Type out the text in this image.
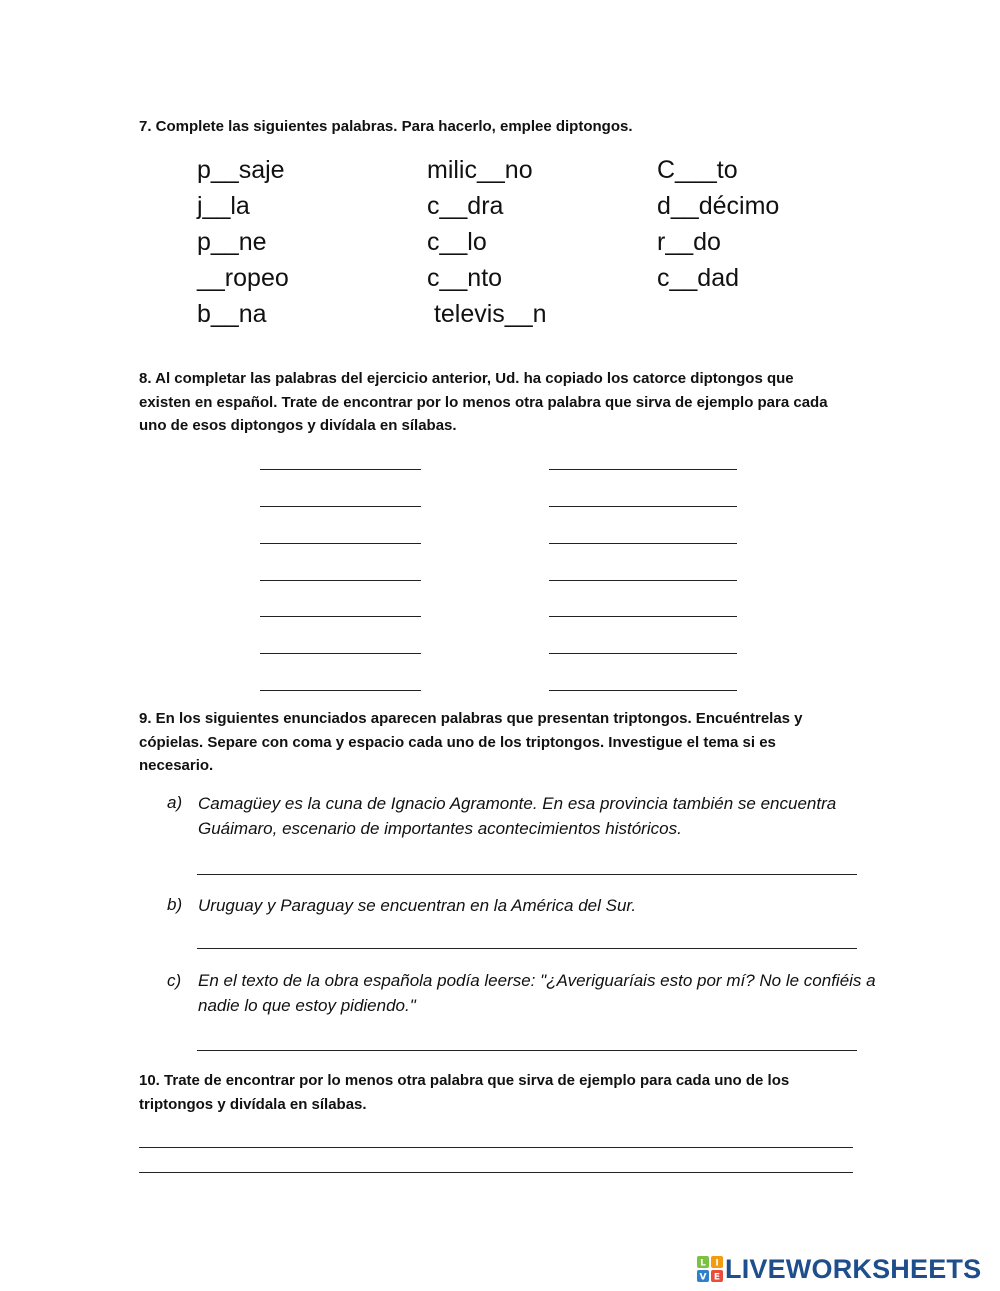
7. Complete las siguientes palabras. Para hacerlo, emplee diptongos.

p__saje
j__la
p__ne
__ropeo
b__na
milic__no
c__dra
c__lo
c__nto
televis__n
C___to
d__décimo
r__do
c__dad

8. Al completar las palabras del ejercicio anterior, Ud. ha copiado los catorce diptongos que existen en español. Trate de encontrar por lo menos otra palabra que sirva de ejemplo para cada uno de esos diptongos y divídala en sílabas.

9. En los siguientes enunciados aparecen palabras que presentan triptongos. Encuéntrelas y cópielas. Separe con coma y espacio cada uno de los triptongos. Investigue el tema si es necesario.

a) Camagüey es la cuna de Ignacio Agramonte. En esa provincia también se encuentra Guáimaro, escenario de importantes acontecimientos históricos.

b) Uruguay y Paraguay se encuentran en la América del Sur.

c) En el texto de la obra española podía leerse: "¿Averiguaríais esto por mí? No le confiéis a nadie lo que estoy pidiendo."

10. Trate de encontrar por lo menos otra palabra que sirva de ejemplo para cada uno de los triptongos y divídala en sílabas.

L I
V E LIVEWORKSHEETS
